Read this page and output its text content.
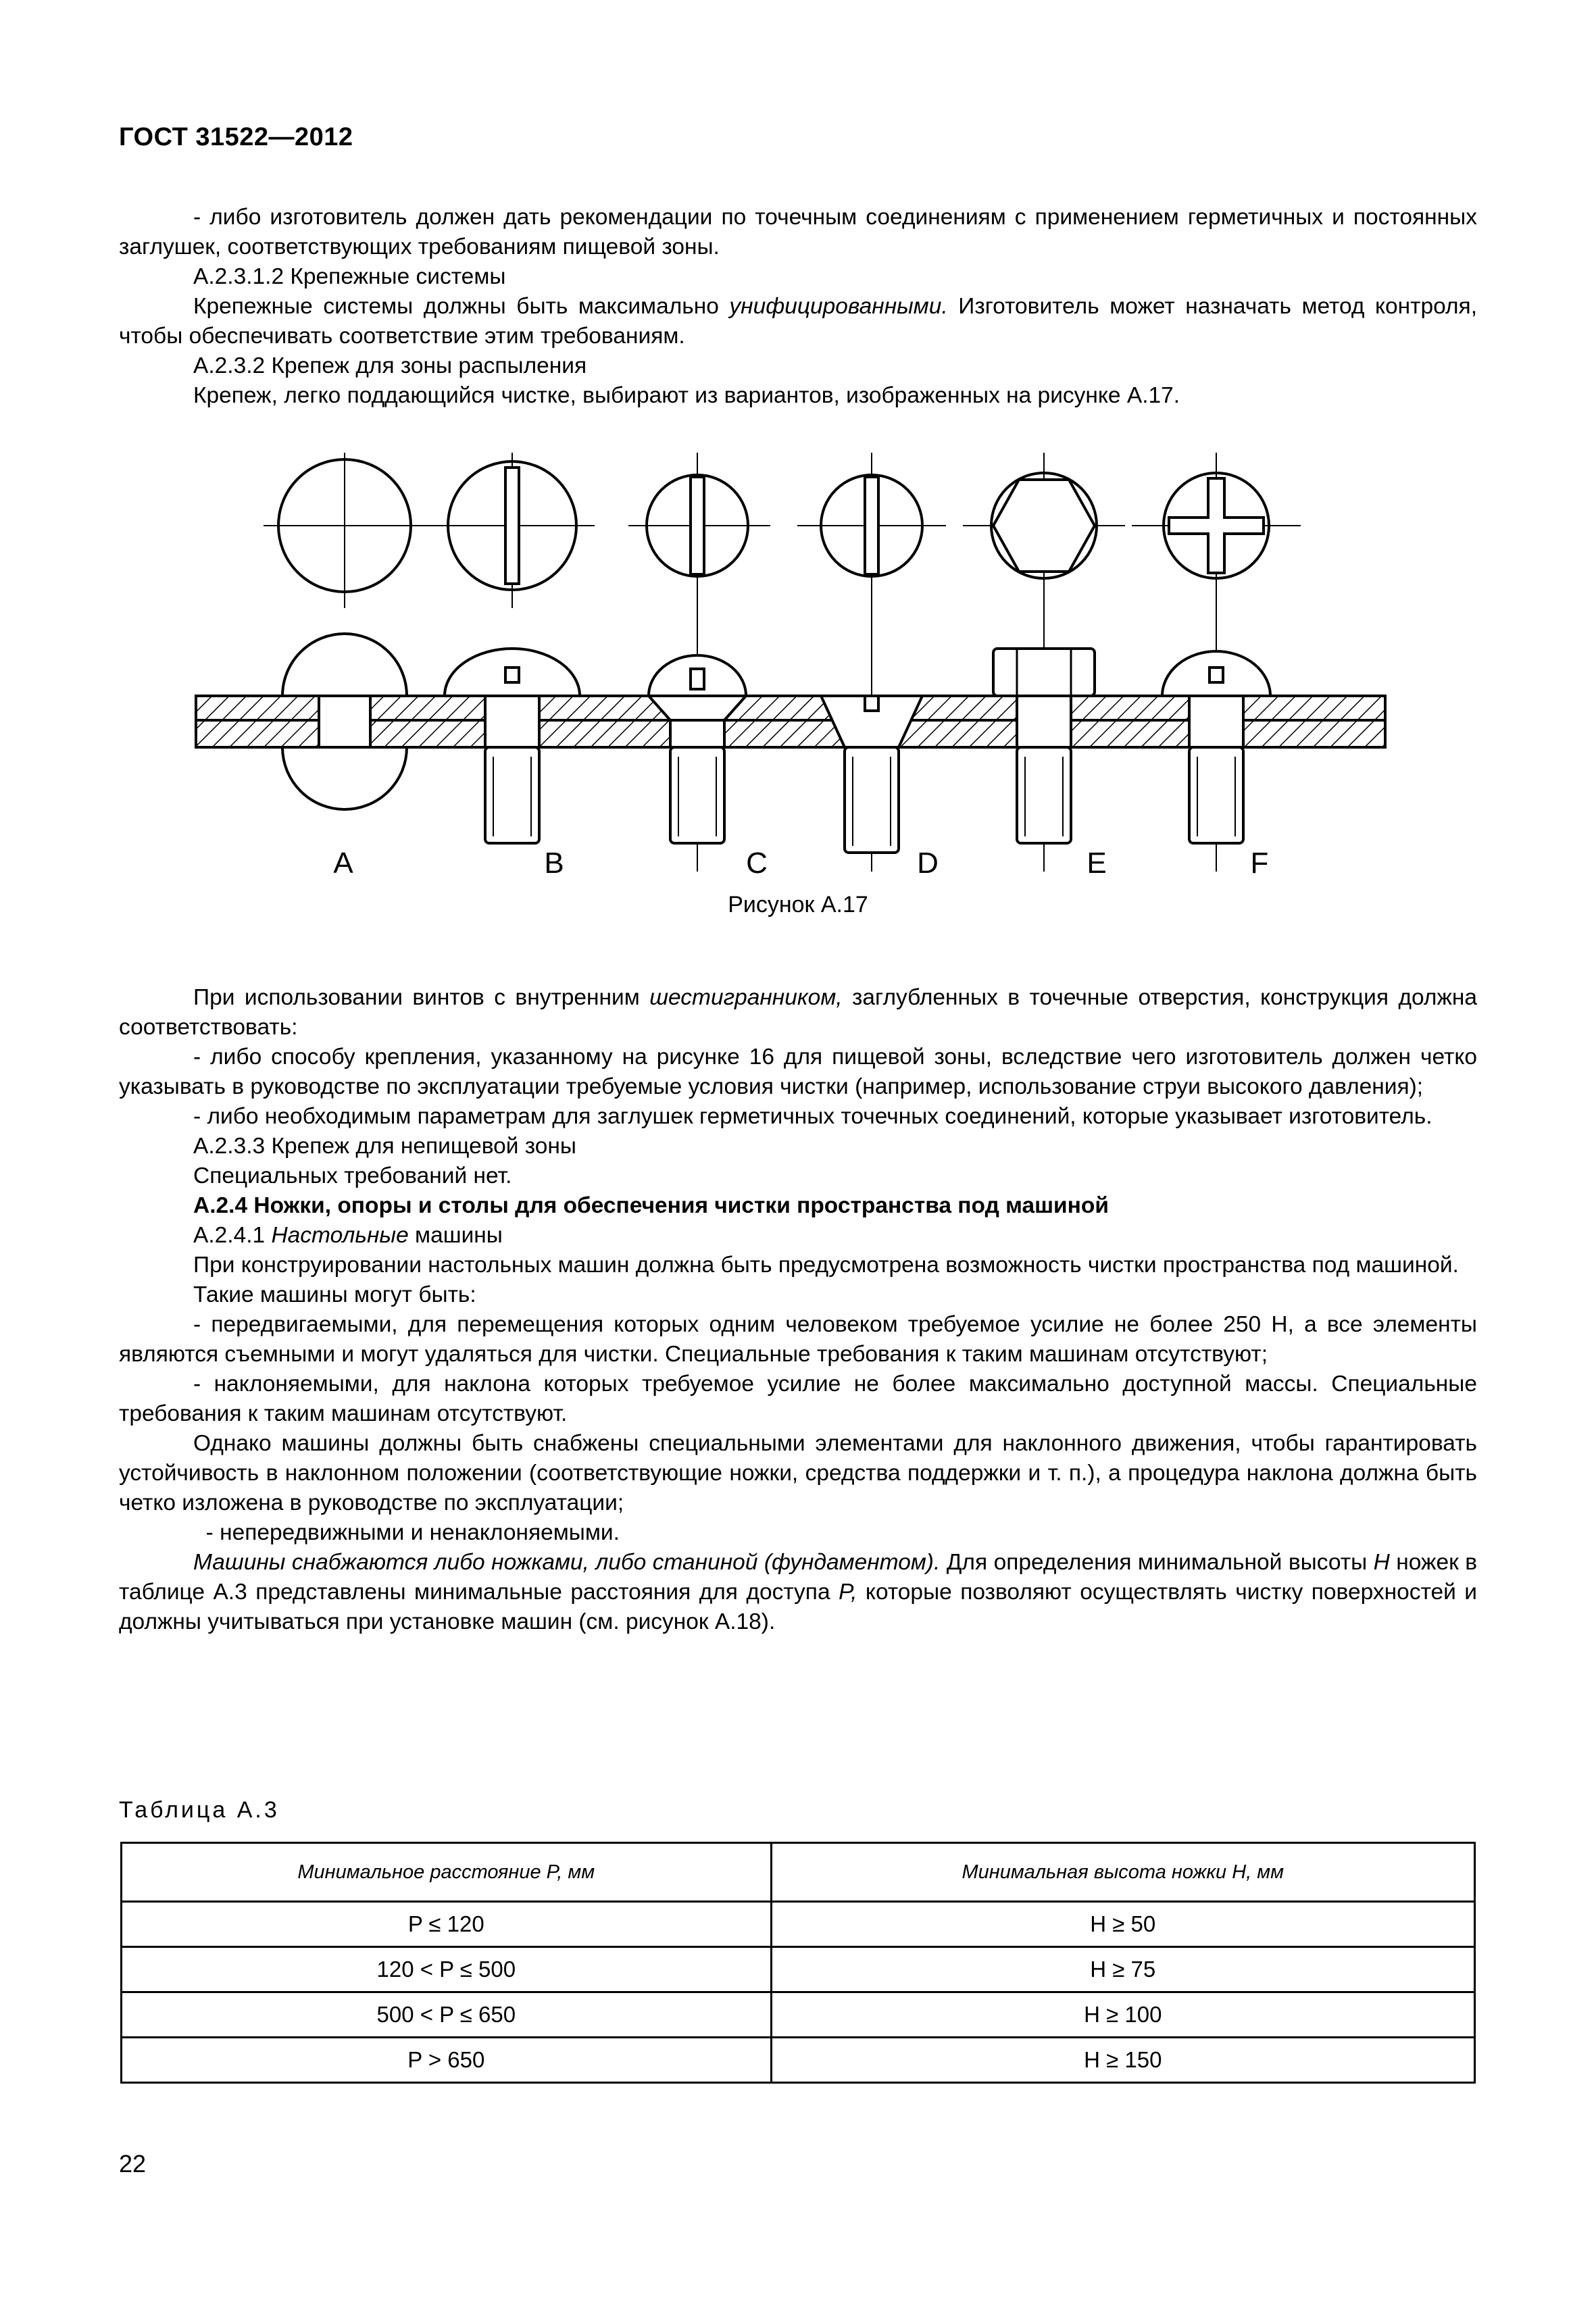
ГОСТ 31522—2012

- либо изготовитель должен дать рекомендации по точечным соединениям с применением герметичных и постоянных заглушек, соответствующих требованиям пищевой зоны.

А.2.3.1.2 Крепежные системы

Крепежные системы должны быть максимально унифицированными. Изготовитель может назначать метод контроля, чтобы обеспечивать соответствие этим требованиям.

А.2.3.2 Крепеж для зоны распыления

Крепеж, легко поддающийся чистке, выбирают из вариантов, изображенных на рисунке А.17.

A	B	C	D	E	F
Рисунок А.17

При использовании винтов с внутренним шестигранником, заглубленных в точечные отверстия, конструкция должна соответствовать:

- либо способу крепления, указанному на рисунке 16 для пищевой зоны, вследствие чего изготовитель должен четко указывать в руководстве по эксплуатации требуемые условия чистки (например, использование струи высокого давления);

- либо необходимым параметрам для заглушек герметичных точечных соединений, которые указывает изготовитель.

А.2.3.3 Крепеж для непищевой зоны

Специальных требований нет.

А.2.4 Ножки, опоры и столы для обеспечения чистки пространства под машиной

А.2.4.1 Настольные машины

При конструировании настольных машин должна быть предусмотрена возможность чистки пространства под машиной.

Такие машины могут быть:

- передвигаемыми, для перемещения которых одним человеком требуемое усилие не более 250 Н, а все элементы являются съемными и могут удаляться для чистки. Специальные требования к таким машинам отсутствуют;

- наклоняемыми, для наклона которых требуемое усилие не более максимально доступной массы. Специальные требования к таким машинам отсутствуют.

Однако машины должны быть снабжены специальными элементами для наклонного движения, чтобы гарантировать устойчивость в наклонном положении (соответствующие ножки, средства поддержки и т. п.), а процедура наклона должна быть четко изложена в руководстве по эксплуатации;

- непередвижными и ненаклоняемыми.

Машины снабжаются либо ножками, либо станиной (фундаментом). Для определения минимальной высоты H ножек в таблице А.3 представлены минимальные расстояния для доступа P, которые позволяют осуществлять чистку поверхностей и должны учитываться при установке машин (см. рисунок А.18).

Таблица А.3
Минимальное расстояние P, мм	Минимальная высота ножки H, мм
P ≤ 120	H ≥ 50
120 < P ≤ 500	H ≥ 75
500 < P ≤ 650	H ≥ 100
P > 650	H ≥ 150
22
